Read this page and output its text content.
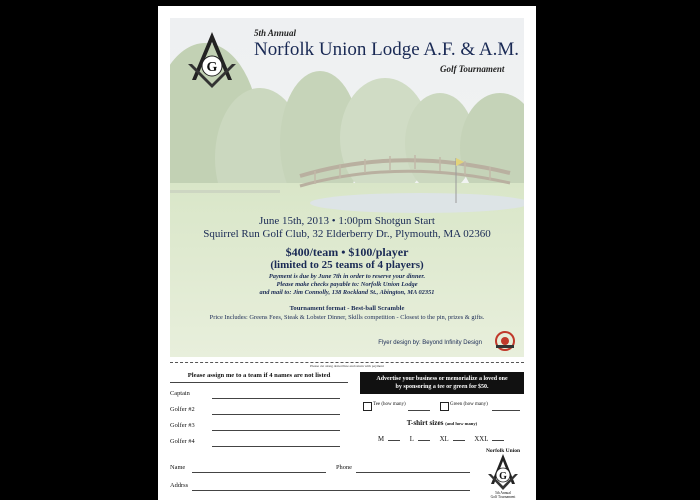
G
5th Annual
Norfolk Union Lodge A.F. & A.M.
Golf Tournament
June 15th, 2013 • 1:00pm Shotgun Start
Squirrel Run Golf Club, 32 Elderberry Dr., Plymouth, MA 02360
$400/team • $100/player
(limited to 25 teams of 4 players)
Payment is due by June 7th in order to reserve your dinner.
Please make checks payable to: Norfolk Union Lodge
and mail to: Jim Connolly, 138 Rockland St., Abington, MA 02351
Tournament format - Best-ball Scramble
Price Includes: Greens Fees, Steak & Lobster Dinner, Skills competition - Closest to the pin, prizes & gifts.
Flyer design by: Beyond Infinity Design
Please cut along dotted line and return with payment
Please assign me to a team if 4 names are not listed
Captain
Golfer #2
Golfer #3
Golfer #4
Advertise your business or memorialize a loved one
by sponsoring a tee or green for $50.
Tee (how many)	Green (how many)
T-shirt sizes (and how many)
M	L	XL	XXL
Norfolk Union
G
5th Annual
Golf Tournament
Name	Phone
Addrss
